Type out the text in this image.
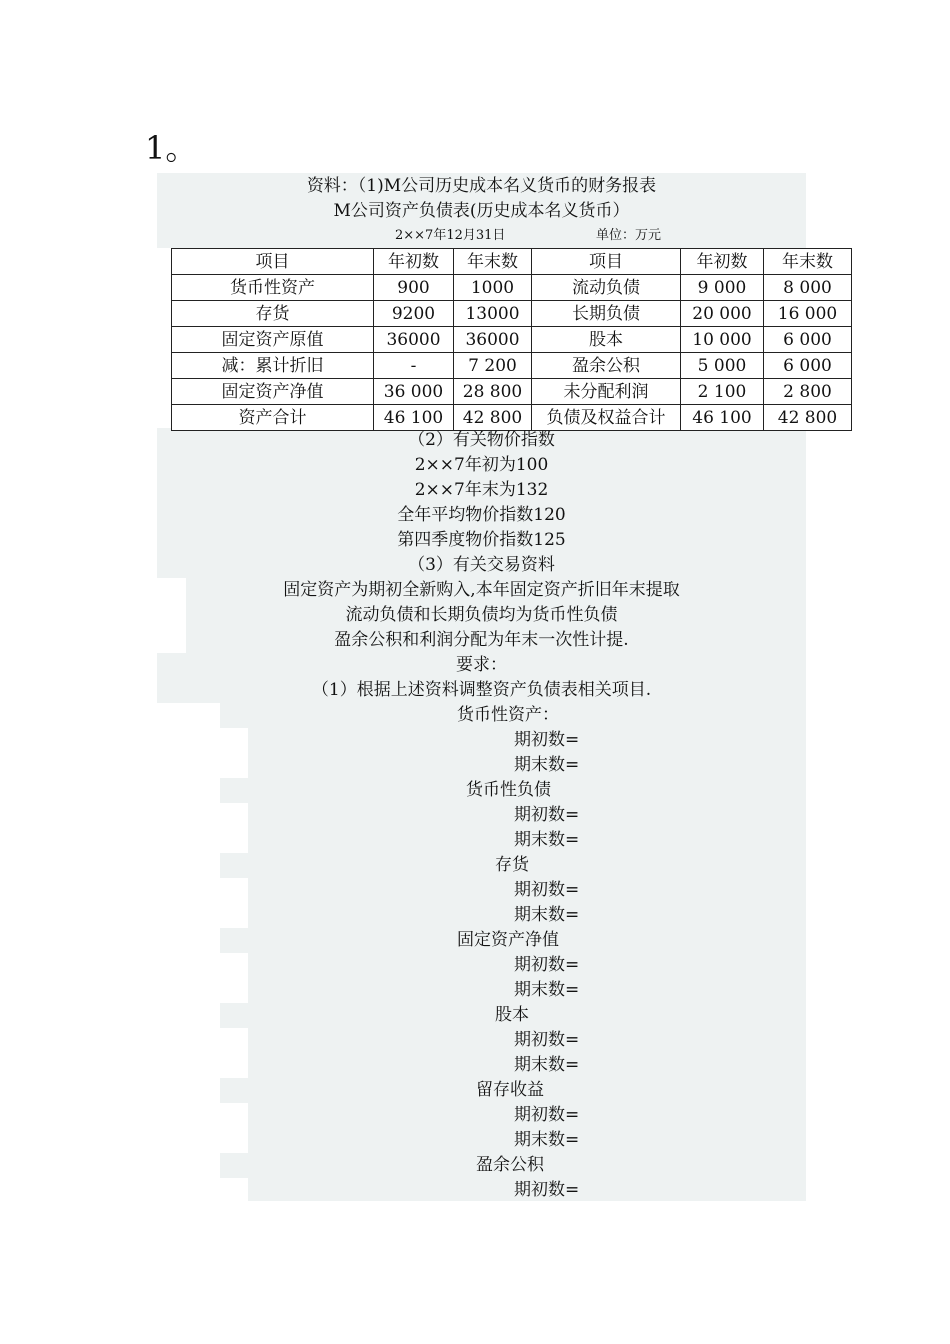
1。
资料：（1)M公司历史成本名义货币的财务报表
M公司资产负债表(历史成本名义货币）
2××7年12月31日	单位：万元
项目	年初数	年末数	项目	年初数	年末数
货币性资产	900	1000	流动负债	9 000	8 000
存货	9200	13000	长期负债	20 000	16 000
固定资产原值	36000	36000	股本	10 000	6 000
减：累计折旧	-	7 200	盈余公积	5 000	6 000
固定资产净值	36 000	28 800	未分配利润	2 100	2 800
资产合计	46 100	42 800	负债及权益合计	46 100	42 800
（2）有关物价指数
2××7年初为100
2××7年末为132
全年平均物价指数120
第四季度物价指数125
（3）有关交易资料
固定资产为期初全新购入,本年固定资产折旧年末提取
流动负债和长期负债均为货币性负债
盈余公积和利润分配为年末一次性计提.
要求：
（1）根据上述资料调整资产负债表相关项目.
货币性资产：
期初数=
期末数=
货币性负债
期初数=
期末数=
存货
期初数=
期末数=
固定资产净值
期初数=
期末数=
股本
期初数=
期末数=
留存收益
期初数=
期末数=
盈余公积
期初数=
